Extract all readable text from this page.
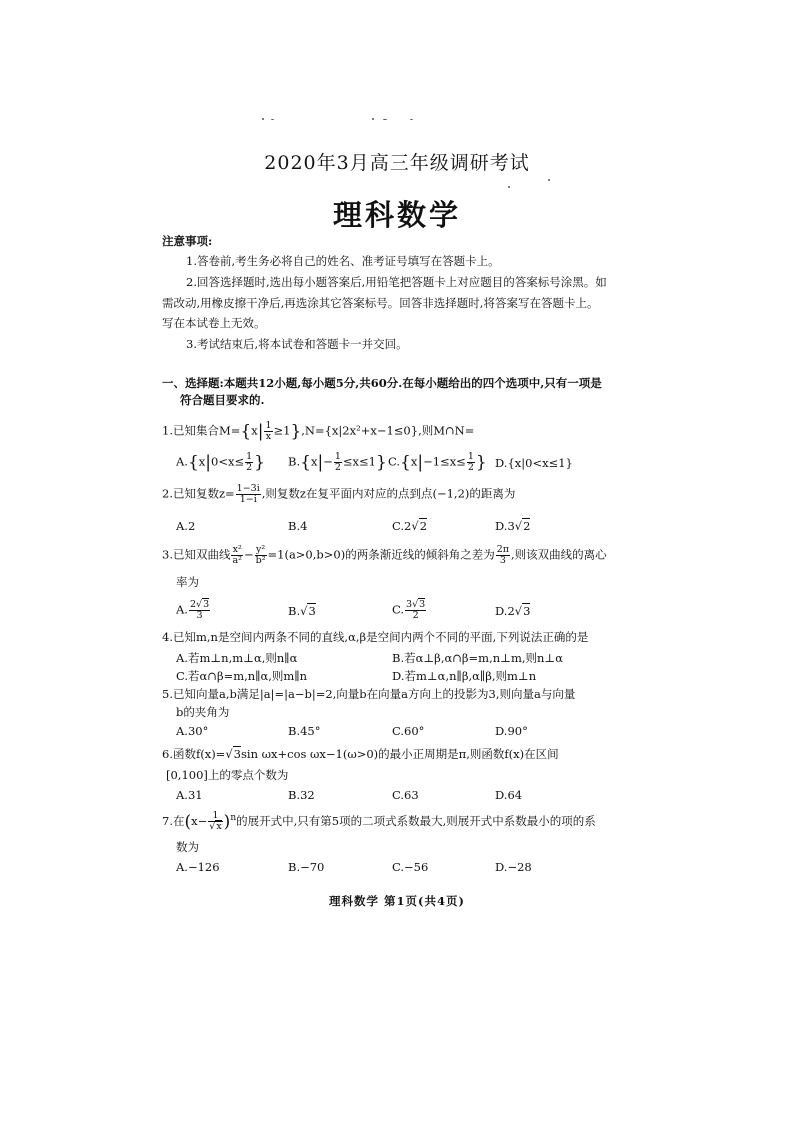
2020年3月高三年级调研考试
理科数学
注意事项:
1.答卷前,考生务必将自己的姓名、准考证号填写在答题卡上。
2.回答选择题时,选出每小题答案后,用铅笔把答题卡上对应题目的答案标号涂黑。如
需改动,用橡皮擦干净后,再选涂其它答案标号。回答非选择题时,将答案写在答题卡上。
写在本试卷上无效。
3.考试结束后,将本试卷和答题卡一并交回。
一、选择题:本题共12小题,每小题5分,共60分.在每小题给出的四个选项中,只有一项是
符合题目要求的.
1.已知集合$M=\{x| \frac{1}{x} \ge 1\},N=\{x|2x^2+x-1\le 0\}$,则M∩N=
$A.\{x|0<x\le \frac{1}{2}$ } $B.\{x|- \frac{1}{2} \le x\le 1\}$ $C.\{x|-1\le x\le \frac{1}{2}$ } D.{x|0<x≤1}
2.已知复数$z= \frac{1-3i}{1-i}$ ,则复数z在复平面内对应的点到点(−1,2)的距离为
A.2	B.4	C.2√2	D.3√2
3.已知双曲线 $\frac{\text{x²}}{\text{a²}} - \frac{\text{y²}}{\text{b²}} =1(a>0,b>0)$的两条渐近线的倾斜角之差为 $\frac{2\pi}{3}$ ,则该双曲线的离心
率为
A. $\frac{2√3}{3}$	B.√3	C. $\frac{3√3}{2}$	D.2√3
4.已知m,n是空间内两条不同的直线,α,β是空间内两个不同的平面,下列说法正确的是
A.若m⊥n,m⊥α,则n∥α	B.若α⊥β,α∩β=m,n⊥m,则n⊥α
C.若α∩β=m,n∥α,则m∥n	D.若m⊥α,n∥β,α∥β,则m⊥n
5.已知向量a,b满足|a|=|a−b|=2,向量b在向量a方向上的投影为3,则向量a与向量
b的夹角为
A.30°	B.45°	C.60°	D.90°
6.函数f(x)=√3sin ωx+cos ωx−1(ω>0)的最小正周期是π,则函数f(x)在区间
[0,100]上的零点个数为
A.31	B.32	C.63	D.64
7.在$(x- \frac{1}{√x} )^n$的展开式中,只有第5项的二项式系数最大,则展开式中系数最小的项的系
数为
A.−126	B.−70	C.−56	D.−28
理科数学 第1页(共4页)
